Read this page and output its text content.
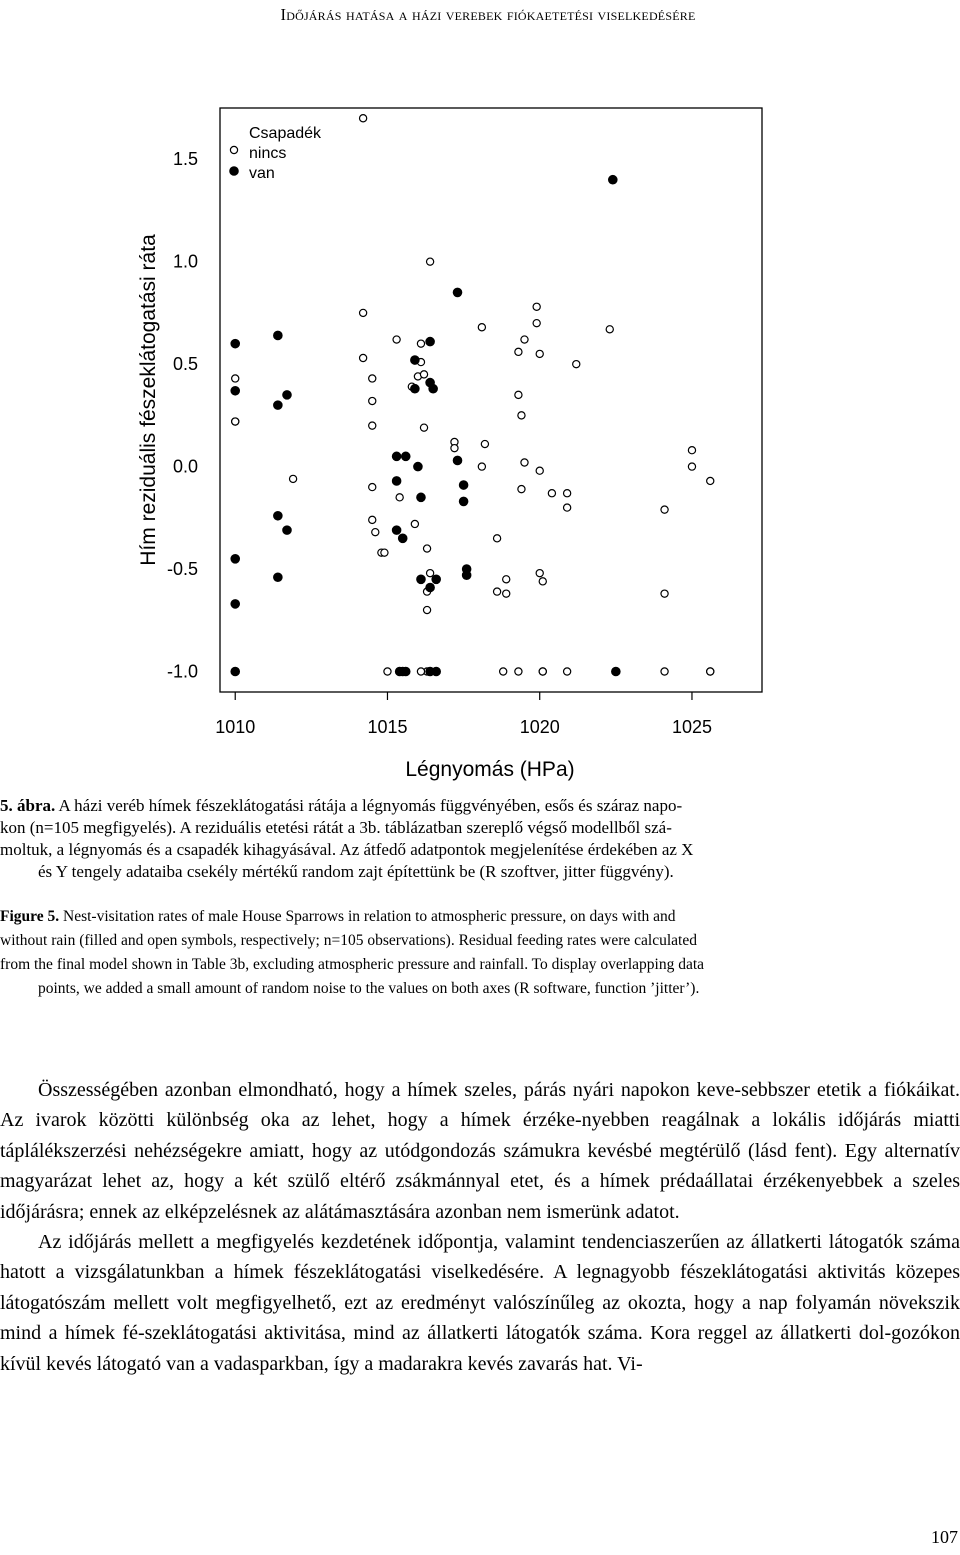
Időjárás hatása a házi verebek fiókaetetési viselkedésére
1010	1015	1020	1025
-1.0
-0.5
0.0
0.5
1.0
1.5
Csapadék
nincs
van
Légnyomás (HPa)
Hím reziduális fészeklátogatási ráta

5. ábra. A házi veréb hímek fészeklátogatási rátája a légnyomás függvényében, esős és száraz napo-

kon (n=105 megfigyelés). A reziduális etetési rátát a 3b. táblázatban szereplő végső modellből szá-

moltuk, a légnyomás és a csapadék kihagyásával. Az átfedő adatpontok megjelenítése érdekében az X

és Y tengely adataiba csekély mértékű random zajt építettünk be (R szoftver, jitter függvény).

Figure 5. Nest-visitation rates of male House Sparrows in relation to atmospheric pressure, on days with and

without rain (filled and open symbols, respectively; n=105 observations). Residual feeding rates were calculated

from the final model shown in Table 3b, excluding atmospheric pressure and rainfall. To display overlapping data

points, we added a small amount of random noise to the values on both axes (R software, function ’jitter’).

Összességében azonban elmondható, hogy a hímek szeles, párás nyári napokon keve-sebbszer etetik a fiókáikat. Az ivarok közötti különbség oka az lehet, hogy a hímek érzéke-nyebben reagálnak a lokális időjárás miatti táplálékszerzési nehézségekre amiatt, hogy az utódgondozás számukra kevésbé megtérülő (lásd fent). Egy alternatív magyarázat lehet az, hogy a két szülő eltérő zsákmánnyal etet, és a hímek prédaállatai érzékenyebbek a szeles időjárásra; ennek az elképzelésnek az alátámasztására azonban nem ismerünk adatot.

Az időjárás mellett a megfigyelés kezdetének időpontja, valamint tendenciaszerűen az állatkerti látogatók száma hatott a vizsgálatunkban a hímek fészeklátogatási viselkedésére. A legnagyobb fészeklátogatási aktivitás közepes látogatószám mellett volt megfigyelhető, ezt az eredményt valószínűleg az okozta, hogy a nap folyamán növekszik mind a hímek fé-szeklátogatási aktivitása, mind az állatkerti látogatók száma. Kora reggel az állatkerti dol-gozókon kívül kevés látogató van a vadasparkban, így a madarakra kevés zavarás hat. Vi-

107
